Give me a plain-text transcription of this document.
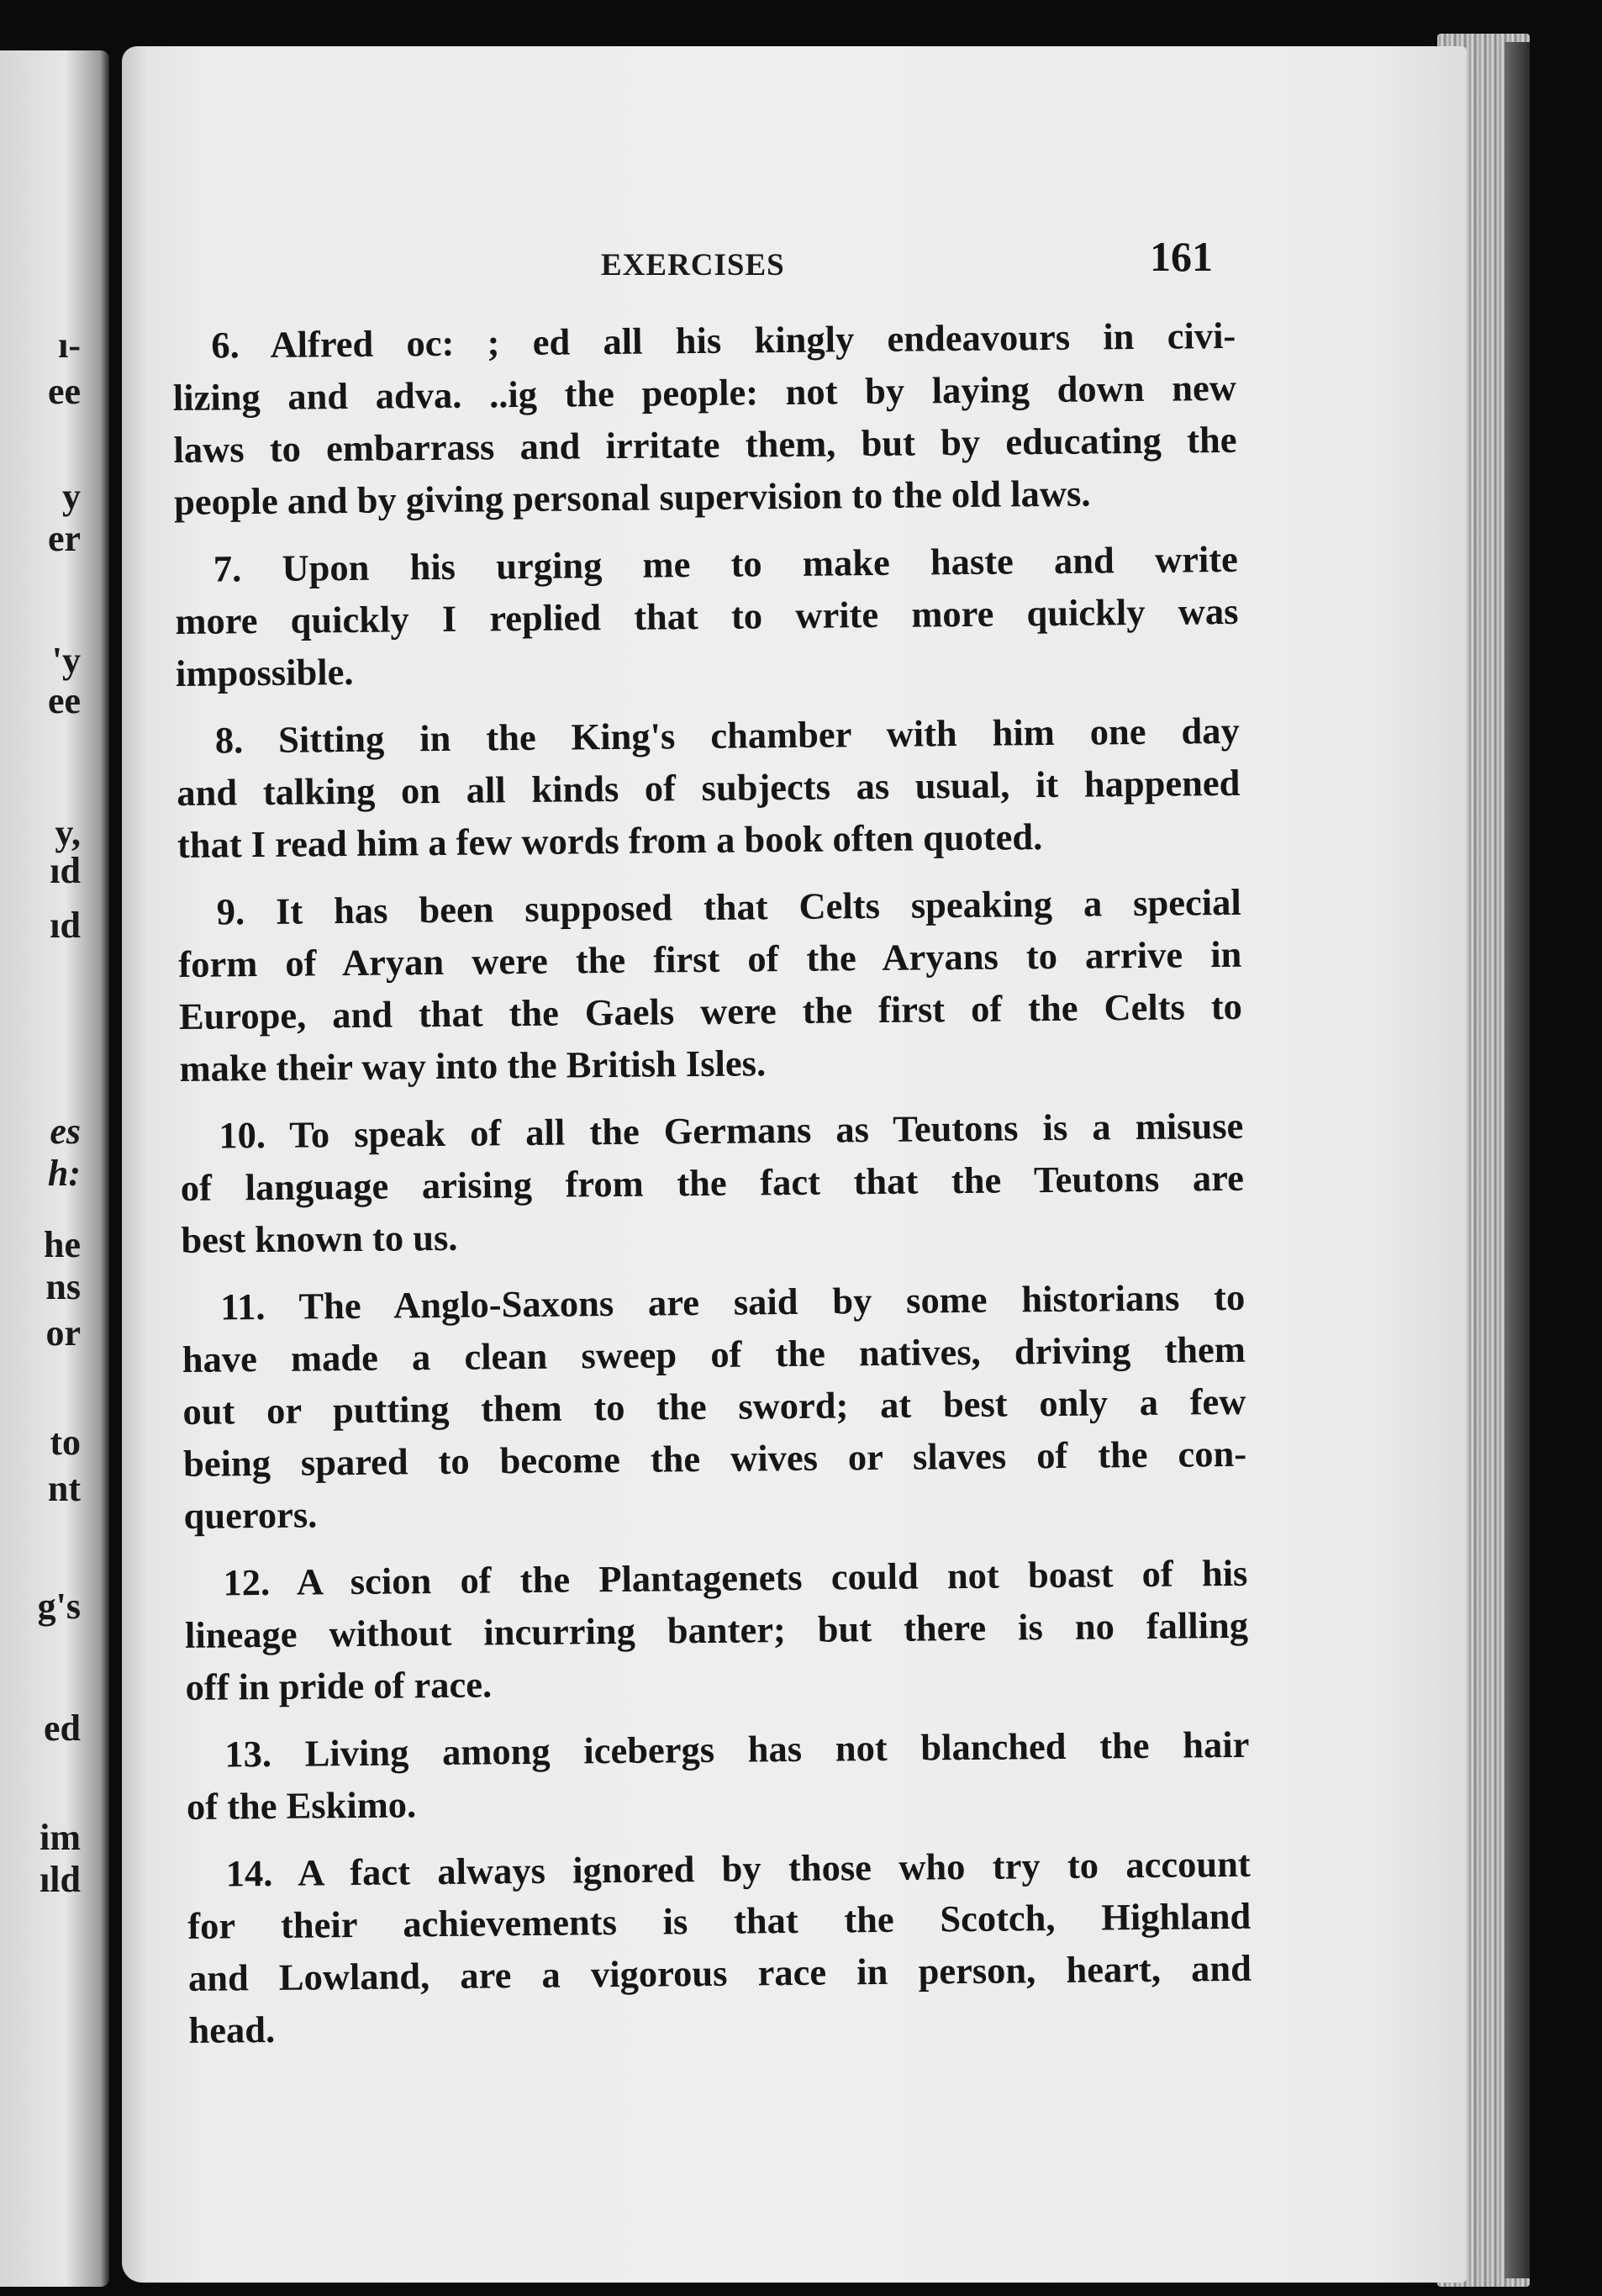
ı-
ee
y
er
'y
ee
y,
ıd
ıd
es
h:
he
ns
or
to
nt
g's
ed
im
ıld
EXERCISES	161
6. Alfred oc: ; ed all his kingly endeavours in civi-
lizing and adva. ..ig the people: not by laying down new
laws to embarrass and irritate them, but by educating the
people and by giving personal supervision to the old laws.
7. Upon his urging me to make haste and write
more quickly I replied that to write more quickly was
impossible.
8. Sitting in the King's chamber with him one day
and talking on all kinds of subjects as usual, it happened
that I read him a few words from a book often quoted.
9. It has been supposed that Celts speaking a special
form of Aryan were the first of the Aryans to arrive in
Europe, and that the Gaels were the first of the Celts to
make their way into the British Isles.
10. To speak of all the Germans as Teutons is a misuse
of language arising from the fact that the Teutons are
best known to us.
11. The Anglo-Saxons are said by some historians to
have made a clean sweep of the natives, driving them
out or putting them to the sword; at best only a few
being spared to become the wives or slaves of the con-
querors.
12. A scion of the Plantagenets could not boast of his
lineage without incurring banter; but there is no falling
off in pride of race.
13. Living among icebergs has not blanched the hair
of the Eskimo.
14. A fact always ignored by those who try to account
for their achievements is that the Scotch, Highland
and Lowland, are a vigorous race in person, heart, and
head.
